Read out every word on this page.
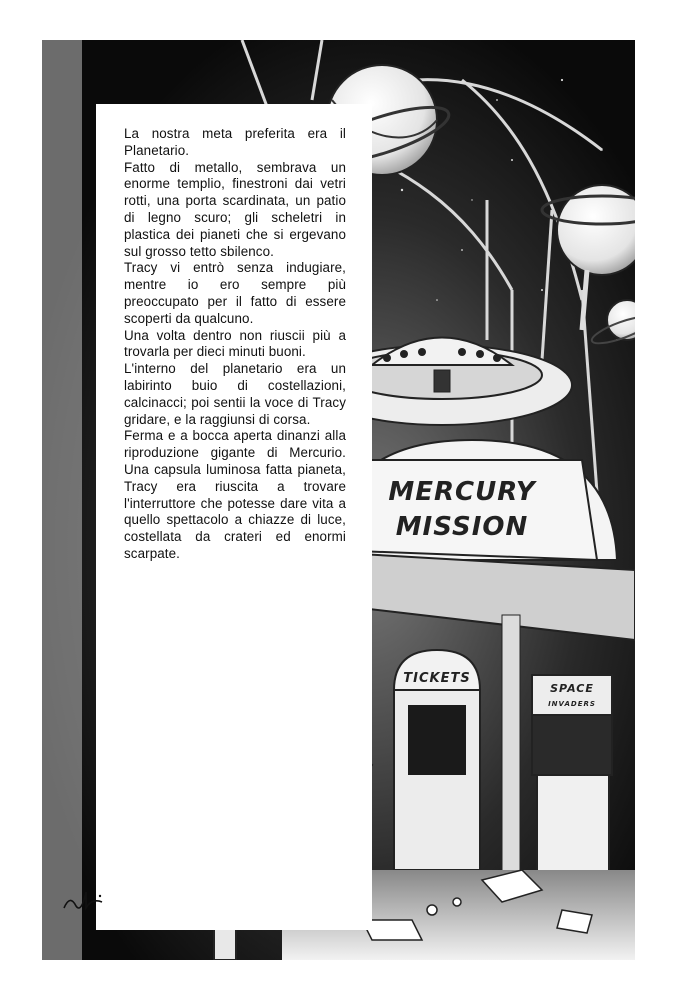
MERCURY
MISSION
TICKETS
SPACE
INVADERS

La nostra meta preferita era il Planetario.

Fatto di metallo, sembrava un enorme templio, finestroni dai vetri rotti, una porta scardinata, un patio di legno scuro; gli scheletri in plastica dei pianeti che si ergevano sul grosso tetto sbilenco.

Tracy vi entrò senza indugiare, mentre io ero sempre più preoccupato per il fatto di essere scoperti da qualcuno.

Una volta dentro non riuscii più a trovarla per dieci minuti buoni.

L'interno del planetario era un labirinto buio di costellazioni, calcinacci; poi sentii la voce di Tracy gridare, e la raggiunsi di corsa.

Ferma e a bocca aperta dinanzi alla riproduzione gigante di Mercurio. Una capsula luminosa fatta pianeta, Tracy era riuscita a trovare l'interruttore che potesse dare vita a quello spettacolo a chiazze di luce, costellata da crateri ed enormi scarpate.
